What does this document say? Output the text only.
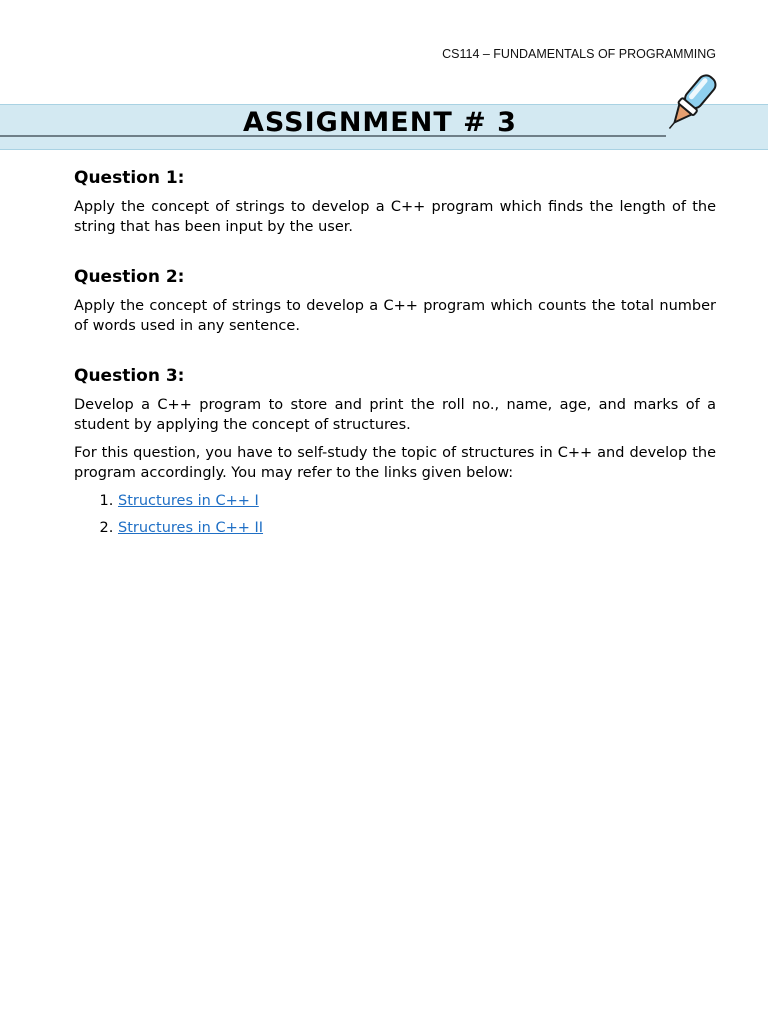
CS114 – FUNDAMENTALS OF PROGRAMMING
ASSIGNMENT # 3
Question 1:

Apply the concept of strings to develop a C++ program which finds the length of the string that has been input by the user.

Question 2:

Apply the concept of strings to develop a C++ program which counts the total number of words used in any sentence.

Question 3:

Develop a C++ program to store and print the roll no., name, age, and marks of a student by applying the concept of structures.

For this question, you have to self-study the topic of structures in C++ and develop the program accordingly. You may refer to the links given below:

1. Structures in C++ I
2. Structures in C++ II
